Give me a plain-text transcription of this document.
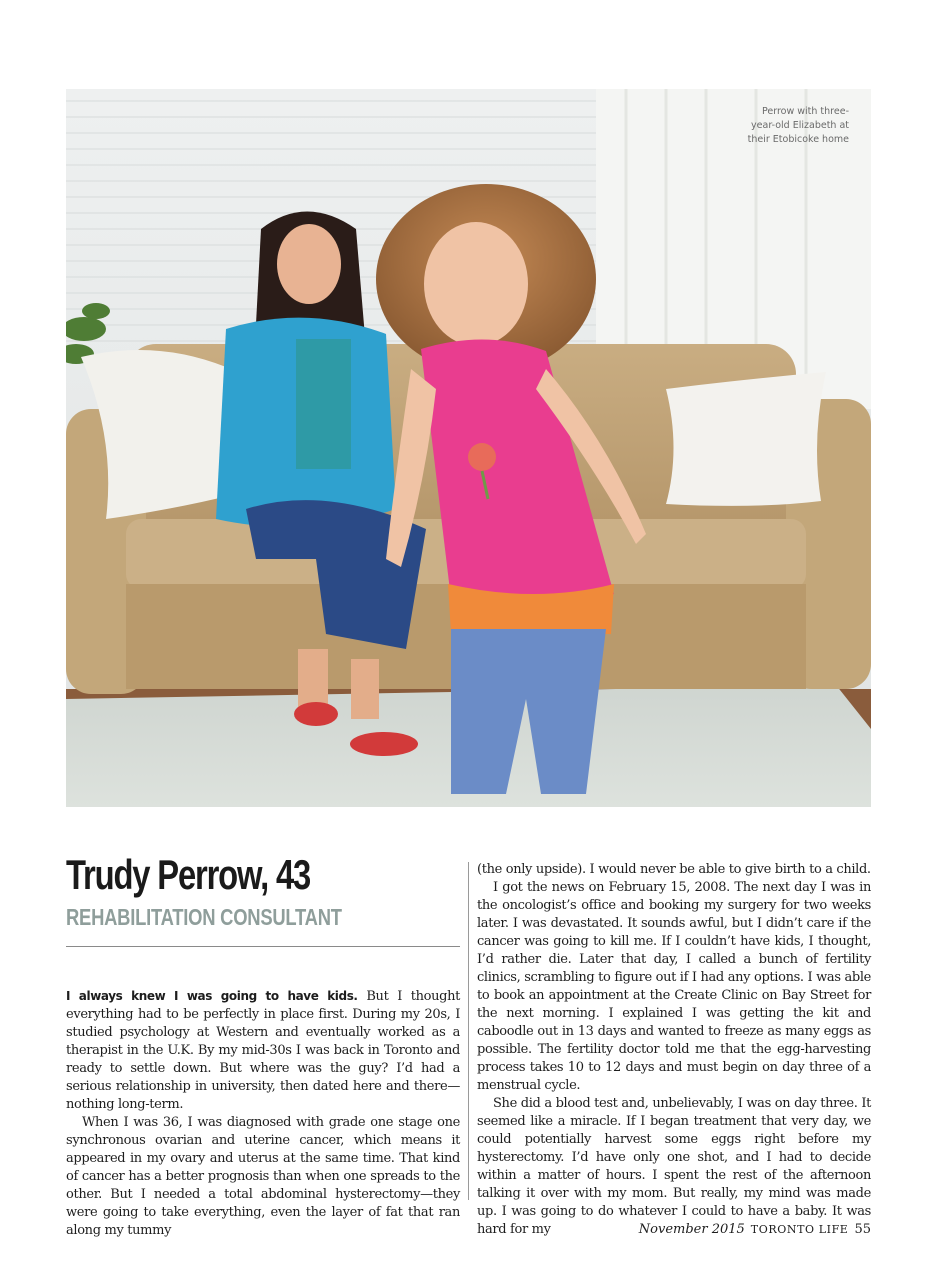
Perrow with three-year-old Elizabeth at their Etobicoke home
Trudy Perrow, 43
REHABILITATION CONSULTANT

I always knew I was going to have kids. But I thought everything had to be perfectly in place first. During my 20s, I studied psychology at Western and eventually worked as a therapist in the U.K. By my mid-30s I was back in Toronto and ready to settle down. But where was the guy? I’d had a serious relationship in university, then dated here and there—nothing long-term.

When I was 36, I was diagnosed with grade one stage one synchronous ovarian and uterine cancer, which means it appeared in my ovary and uterus at the same time. That kind of cancer has a better prognosis than when one spreads to the other. But I needed a total abdominal hysterectomy—they were going to take everything, even the layer of fat that ran along my tummy

(the only upside). I would never be able to give birth to a child.

I got the news on February 15, 2008. The next day I was in the oncologist’s office and booking my surgery for two weeks later. I was devastated. It sounds awful, but I didn’t care if the cancer was going to kill me. If I couldn’t have kids, I thought, I’d rather die. Later that day, I called a bunch of fertility clinics, scrambling to figure out if I had any options. I was able to book an appointment at the Create Clinic on Bay Street for the next morning. I explained I was getting the kit and caboodle out in 13 days and wanted to freeze as many eggs as possible. The fertility doctor told me that the egg-harvesting process takes 10 to 12 days and must begin on day three of a menstrual cycle.

She did a blood test and, unbelievably, I was on day three. It seemed like a miracle. If I began treatment that very day, we could potentially harvest some eggs right before my hysterectomy. I’d have only one shot, and I had to decide within a matter of hours. I spent the rest of the afternoon talking it over with my mom. But really, my mind was made up. I was going to do whatever I could to have a baby. It was hard for my	November 2015 TORONTO LIFE 55
